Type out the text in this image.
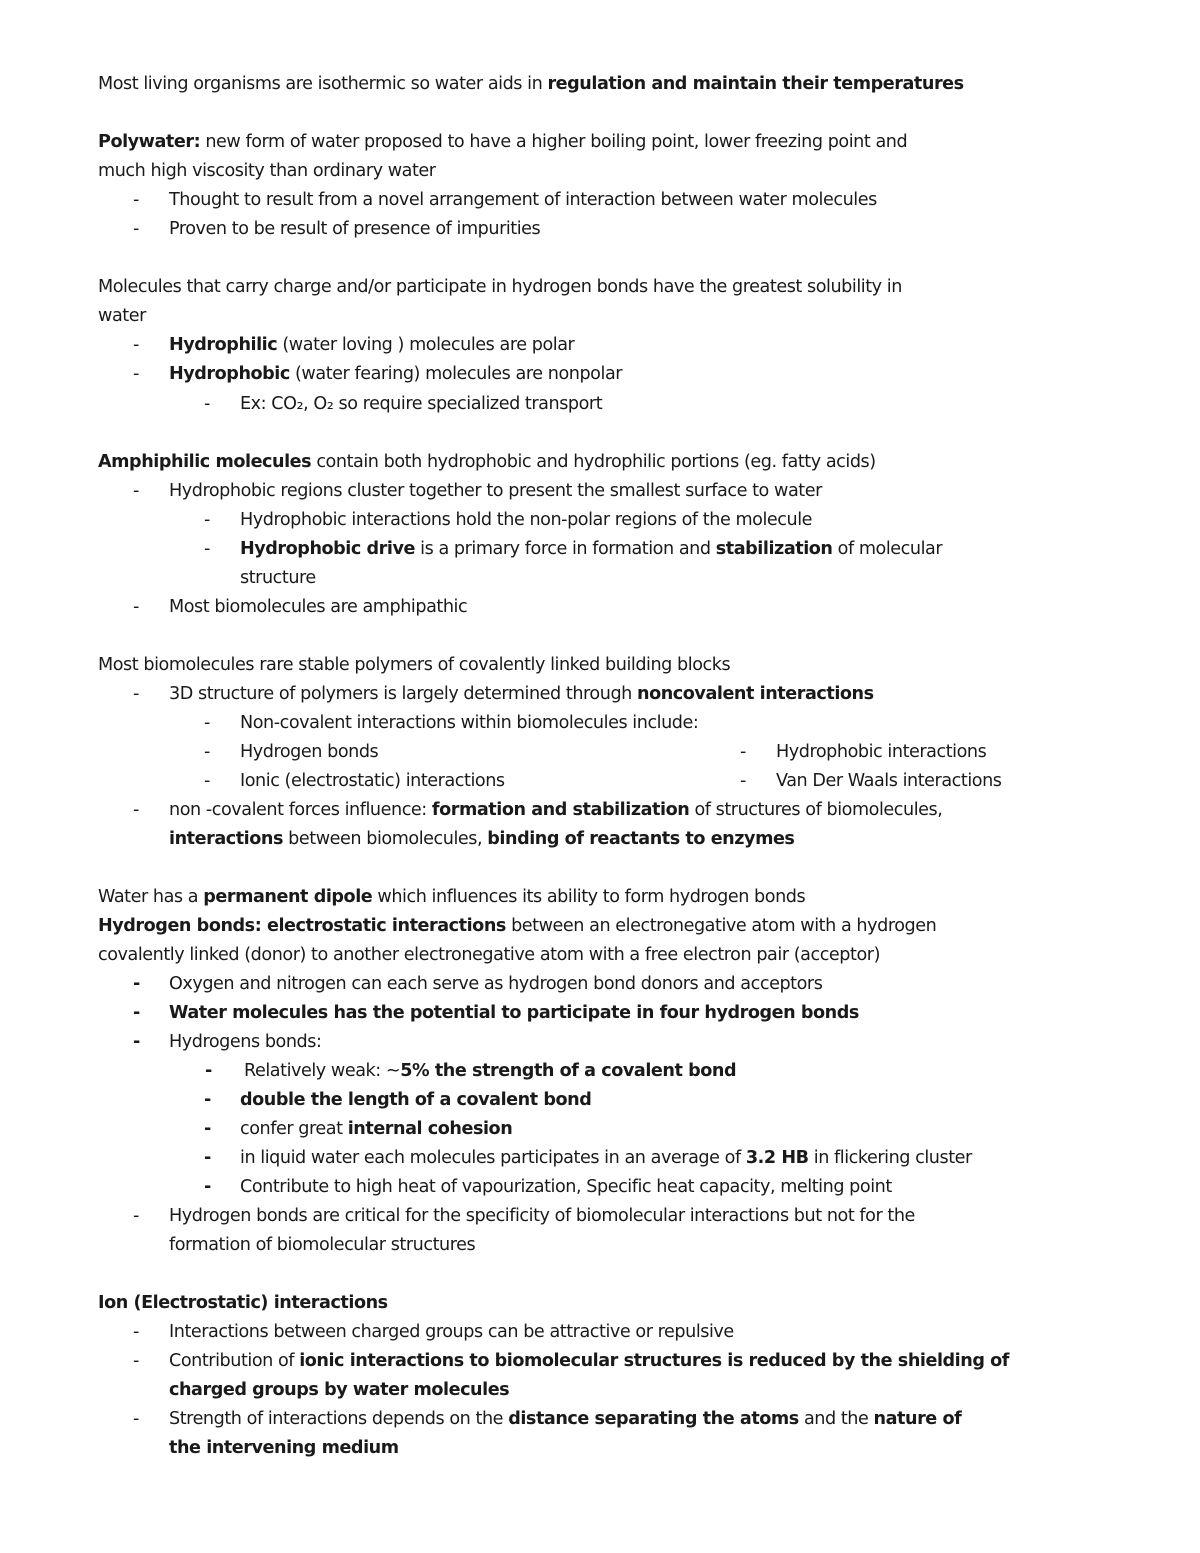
Most living organisms are isothermic so water aids in regulation and maintain their temperatures
Polywater: new form of water proposed to have a higher boiling point, lower freezing point and
much high viscosity than ordinary water
- Thought to result from a novel arrangement of interaction between water molecules
- Proven to be result of presence of impurities
Molecules that carry charge and/or participate in hydrogen bonds have the greatest solubility in
water
- Hydrophilic (water loving ) molecules are polar
- Hydrophobic (water fearing) molecules are nonpolar
- Ex: CO₂, O₂ so require specialized transport
Amphiphilic molecules contain both hydrophobic and hydrophilic portions (eg. fatty acids)
- Hydrophobic regions cluster together to present the smallest surface to water
- Hydrophobic interactions hold the non-polar regions of the molecule
- Hydrophobic drive is a primary force in formation and stabilization of molecular
structure
- Most biomolecules are amphipathic
Most biomolecules rare stable polymers of covalently linked building blocks
- 3D structure of polymers is largely determined through noncovalent interactions
- Non-covalent interactions within biomolecules include:
- Hydrogen bonds	- Hydrophobic interactions
- Ionic (electrostatic) interactions	- Van Der Waals interactions
- non -covalent forces influence: formation and stabilization of structures of biomolecules,
interactions between biomolecules, binding of reactants to enzymes
Water has a permanent dipole which influences its ability to form hydrogen bonds
Hydrogen bonds: electrostatic interactions between an electronegative atom with a hydrogen
covalently linked (donor) to another electronegative atom with a free electron pair (acceptor)
- Oxygen and nitrogen can each serve as hydrogen bond donors and acceptors
- Water molecules has the potential to participate in four hydrogen bonds
- Hydrogens bonds:
- Relatively weak: ~5% the strength of a covalent bond
- double the length of a covalent bond
- confer great internal cohesion
- in liquid water each molecules participates in an average of 3.2 HB in flickering cluster
- Contribute to high heat of vapourization, Specific heat capacity, melting point
- Hydrogen bonds are critical for the specificity of biomolecular interactions but not for the
formation of biomolecular structures
Ion (Electrostatic) interactions
- Interactions between charged groups can be attractive or repulsive
- Contribution of ionic interactions to biomolecular structures is reduced by the shielding of
charged groups by water molecules
- Strength of interactions depends on the distance separating the atoms and the nature of
the intervening medium
